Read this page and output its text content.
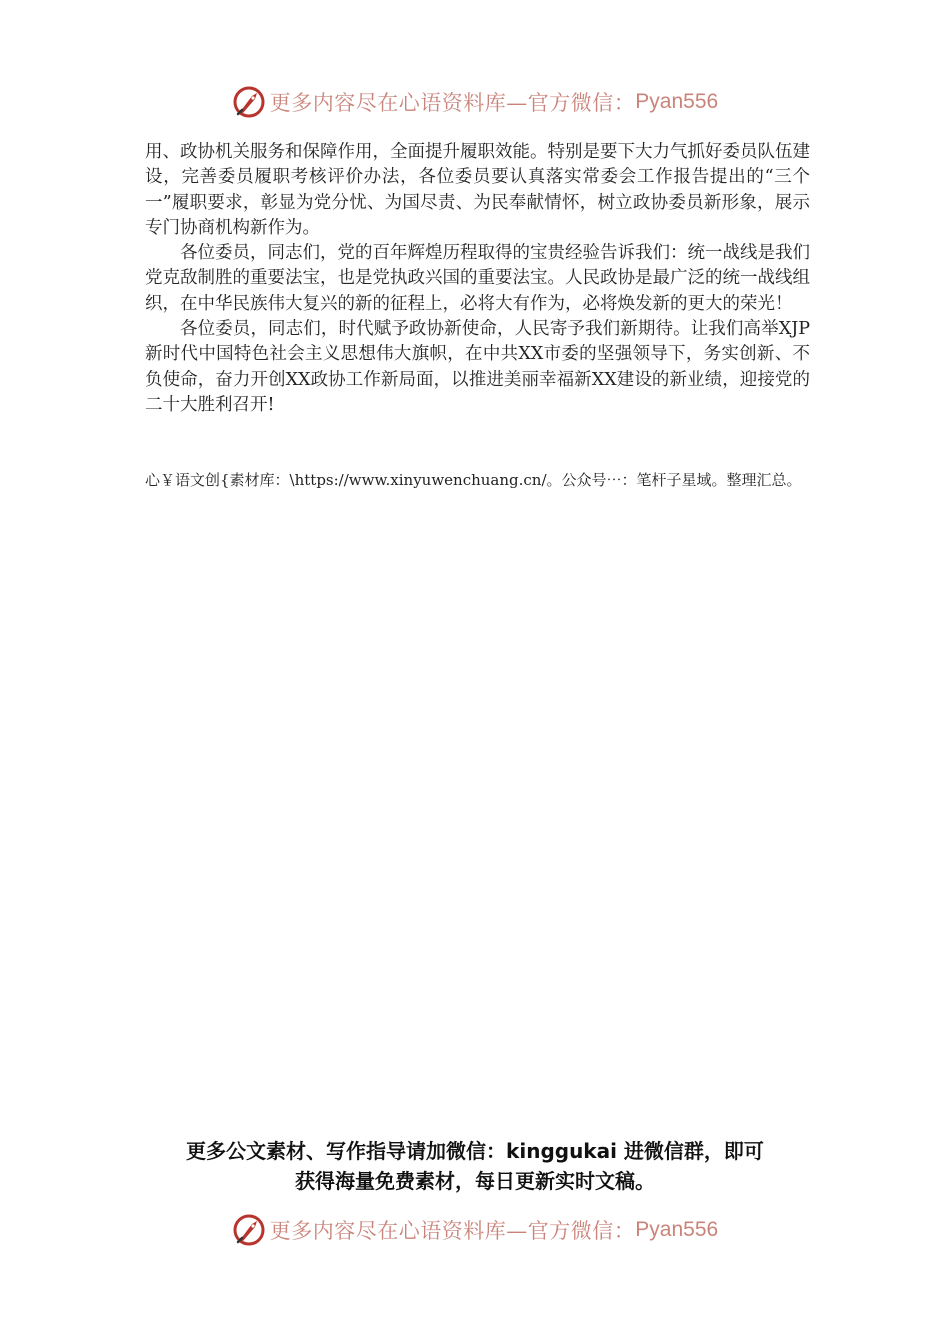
更多内容尽在心语资料库—官方微信： Pyan556

用、政协机关服务和保障作用，全面提升履职效能。特别是要下大力气抓好委员队伍建设，完善委员履职考核评价办法，各位委员要认真落实常委会工作报告提出的“三个一”履职要求，彰显为党分忧、为国尽责、为民奉献情怀，树立政协委员新形象，展示专门协商机构新作为。

各位委员，同志们，党的百年辉煌历程取得的宝贵经验告诉我们：统一战线是我们党克敌制胜的重要法宝，也是党执政兴国的重要法宝。人民政协是最广泛的统一战线组织，在中华民族伟大复兴的新的征程上，必将大有作为，必将焕发新的更大的荣光！

各位委员，同志们，时代赋予政协新使命，人民寄予我们新期待。让我们高举XJP新时代中国特色社会主义思想伟大旗帜，在中共XX市委的坚强领导下，务实创新、不负使命，奋力开创XX政协工作新局面，以推进美丽幸福新XX建设的新业绩，迎接党的二十大胜利召开!

心￥语文创{素材库：\https://www.xinyuwenchuang.cn/。公众号⋯：笔杆子星域。整理汇总。
更多公文素材、写作指导请加微信：kinggukai 进微信群，即可
获得海量免费素材，每日更新实时文稿。
更多内容尽在心语资料库—官方微信： Pyan556
